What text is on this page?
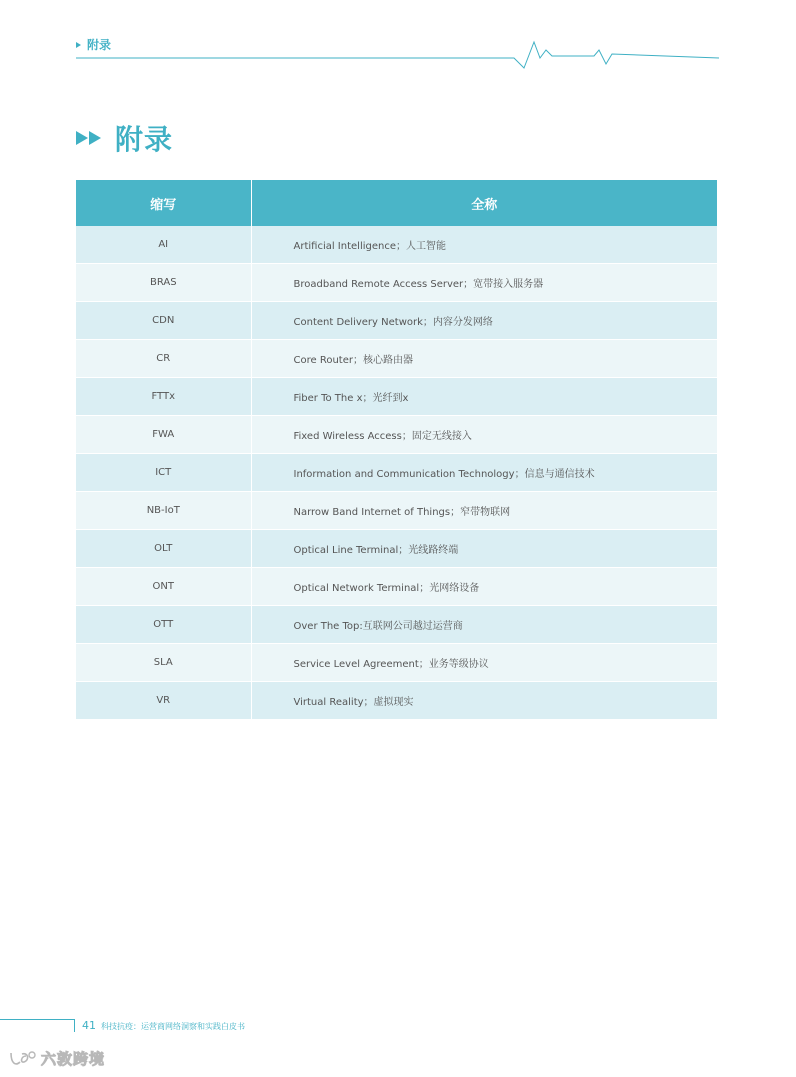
附录
附录
缩写	全称
AI	Artificial Intelligence；人工智能
BRAS	Broadband Remote Access Server；宽带接入服务器
CDN	Content Delivery Network；内容分发网络
CR	Core Router；核心路由器
FTTx	Fiber To The x；光纤到x
FWA	Fixed Wireless Access；固定无线接入
ICT	Information and Communication Technology；信息与通信技术
NB-IoT	Narrow Band Internet of Things；窄带物联网
OLT	Optical Line Terminal；光线路终端
ONT	Optical Network Terminal；光网络设备
OTT	Over The Top:互联网公司越过运营商
SLA	Service Level Agreement；业务等级协议
VR	Virtual Reality；虚拟现实
41 科技抗疫：运营商网络洞察和实践白皮书
六敦跨境
